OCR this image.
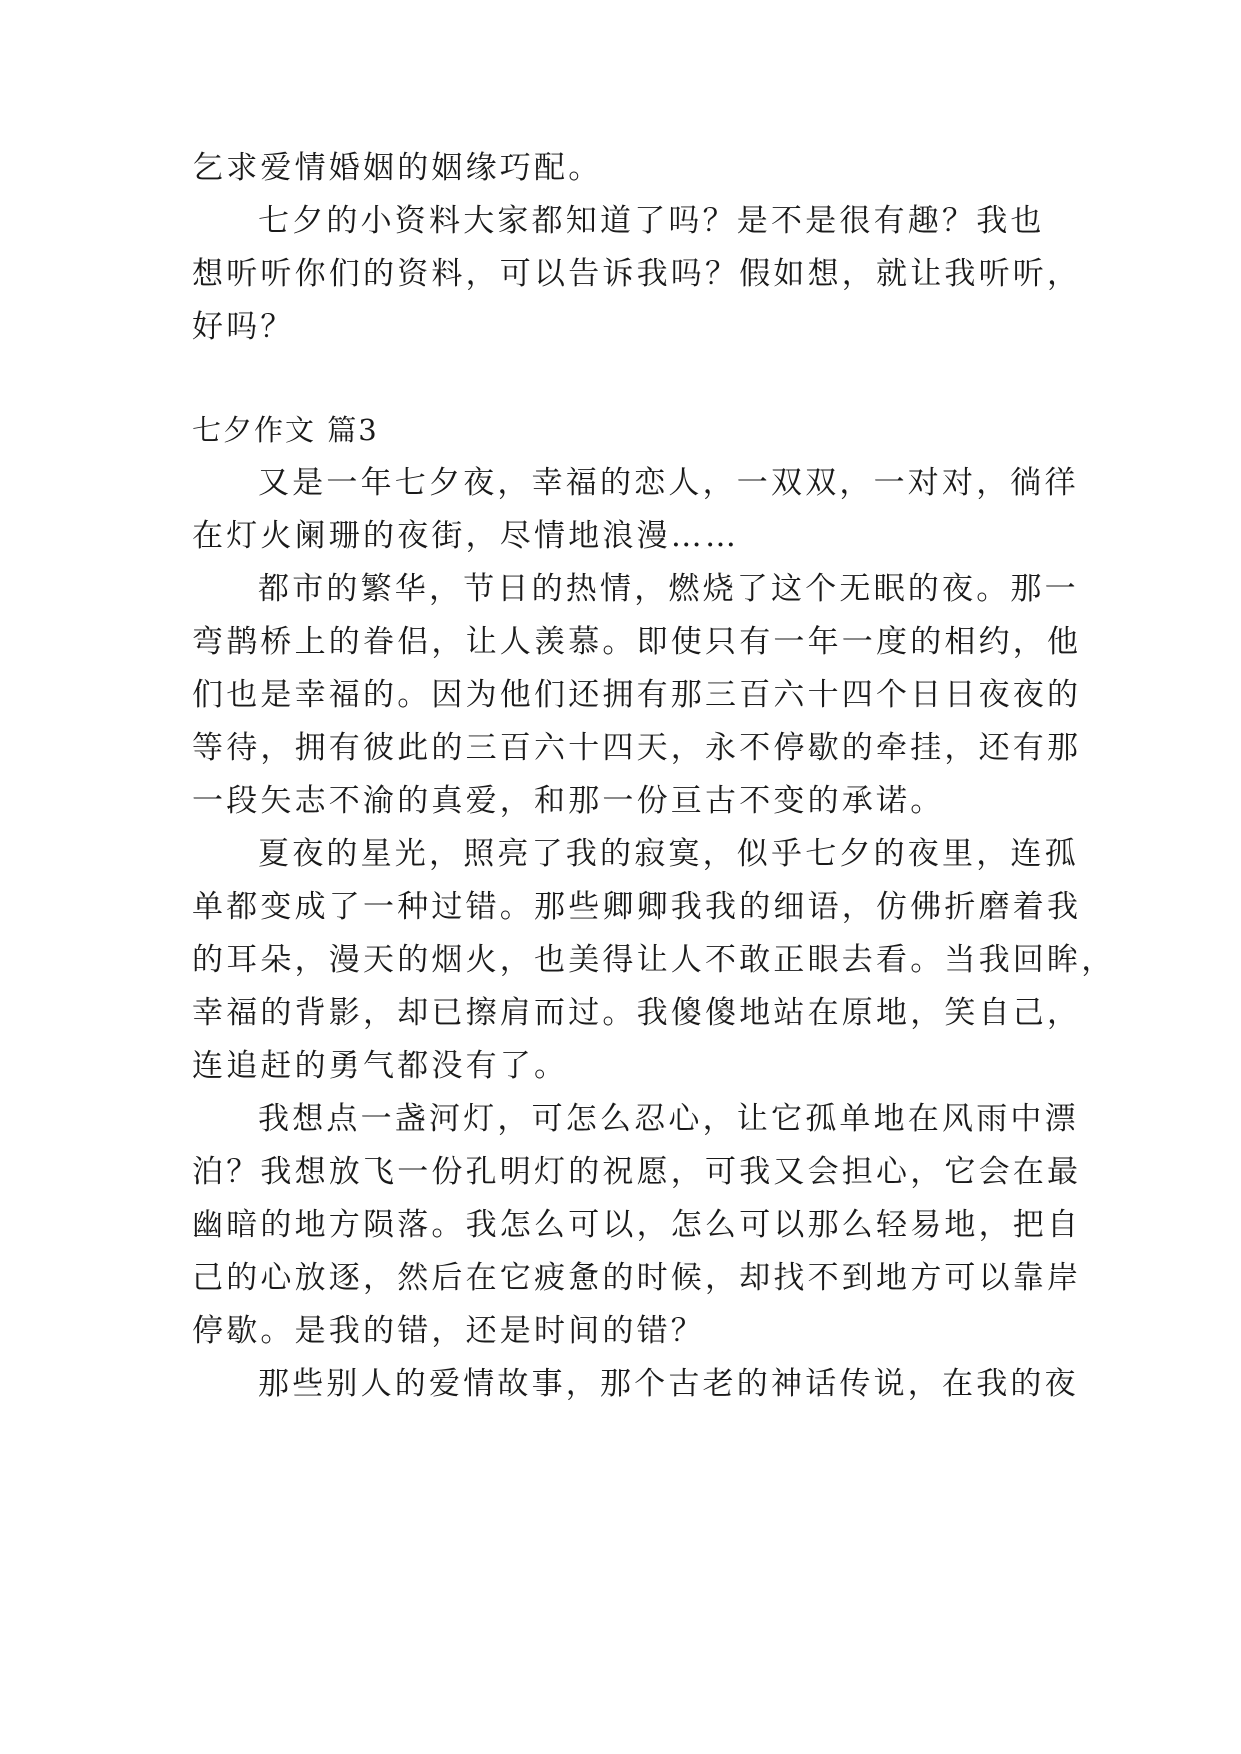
乞求爱情婚姻的姻缘巧配。
七夕的小资料大家都知道了吗？是不是很有趣？我也
想听听你们的资料，可以告诉我吗？假如想，就让我听听，
好吗？
七夕作文 篇3
又是一年七夕夜，幸福的恋人，一双双，一对对，徜徉
在灯火阑珊的夜街，尽情地浪漫……
都市的繁华，节日的热情，燃烧了这个无眠的夜。那一
弯鹊桥上的眷侣，让人羡慕。即使只有一年一度的相约，他
们也是幸福的。因为他们还拥有那三百六十四个日日夜夜的
等待，拥有彼此的三百六十四天，永不停歇的牵挂，还有那
一段矢志不渝的真爱，和那一份亘古不变的承诺。
夏夜的星光，照亮了我的寂寞，似乎七夕的夜里，连孤
单都变成了一种过错。那些卿卿我我的细语，仿佛折磨着我
的耳朵，漫天的烟火，也美得让人不敢正眼去看。当我回眸，
幸福的背影，却已擦肩而过。我傻傻地站在原地，笑自己，
连追赶的勇气都没有了。
我想点一盏河灯，可怎么忍心，让它孤单地在风雨中漂
泊？我想放飞一份孔明灯的祝愿，可我又会担心，它会在最
幽暗的地方陨落。我怎么可以，怎么可以那么轻易地，把自
己的心放逐，然后在它疲惫的时候，却找不到地方可以靠岸
停歇。是我的错，还是时间的错？
那些别人的爱情故事，那个古老的神话传说，在我的夜
